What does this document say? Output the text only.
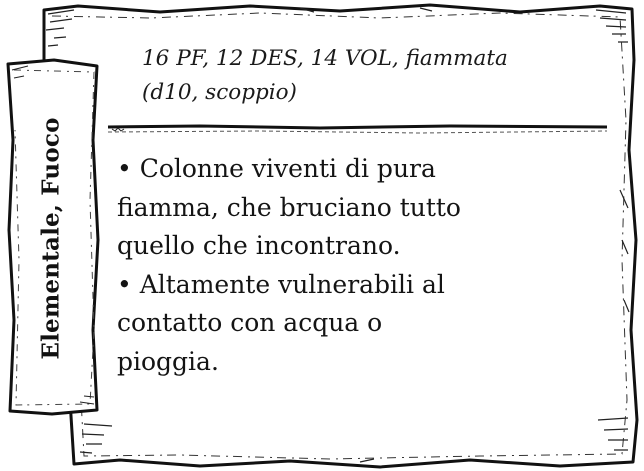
Elementale, Fuoco
16 PF, 12 DES, 14 VOL, fiammata
(d10, scoppio)
• Colonne viventi di pura
fiamma, che bruciano tutto
quello che incontrano.
• Altamente vulnerabili al
contatto con acqua o
pioggia.
